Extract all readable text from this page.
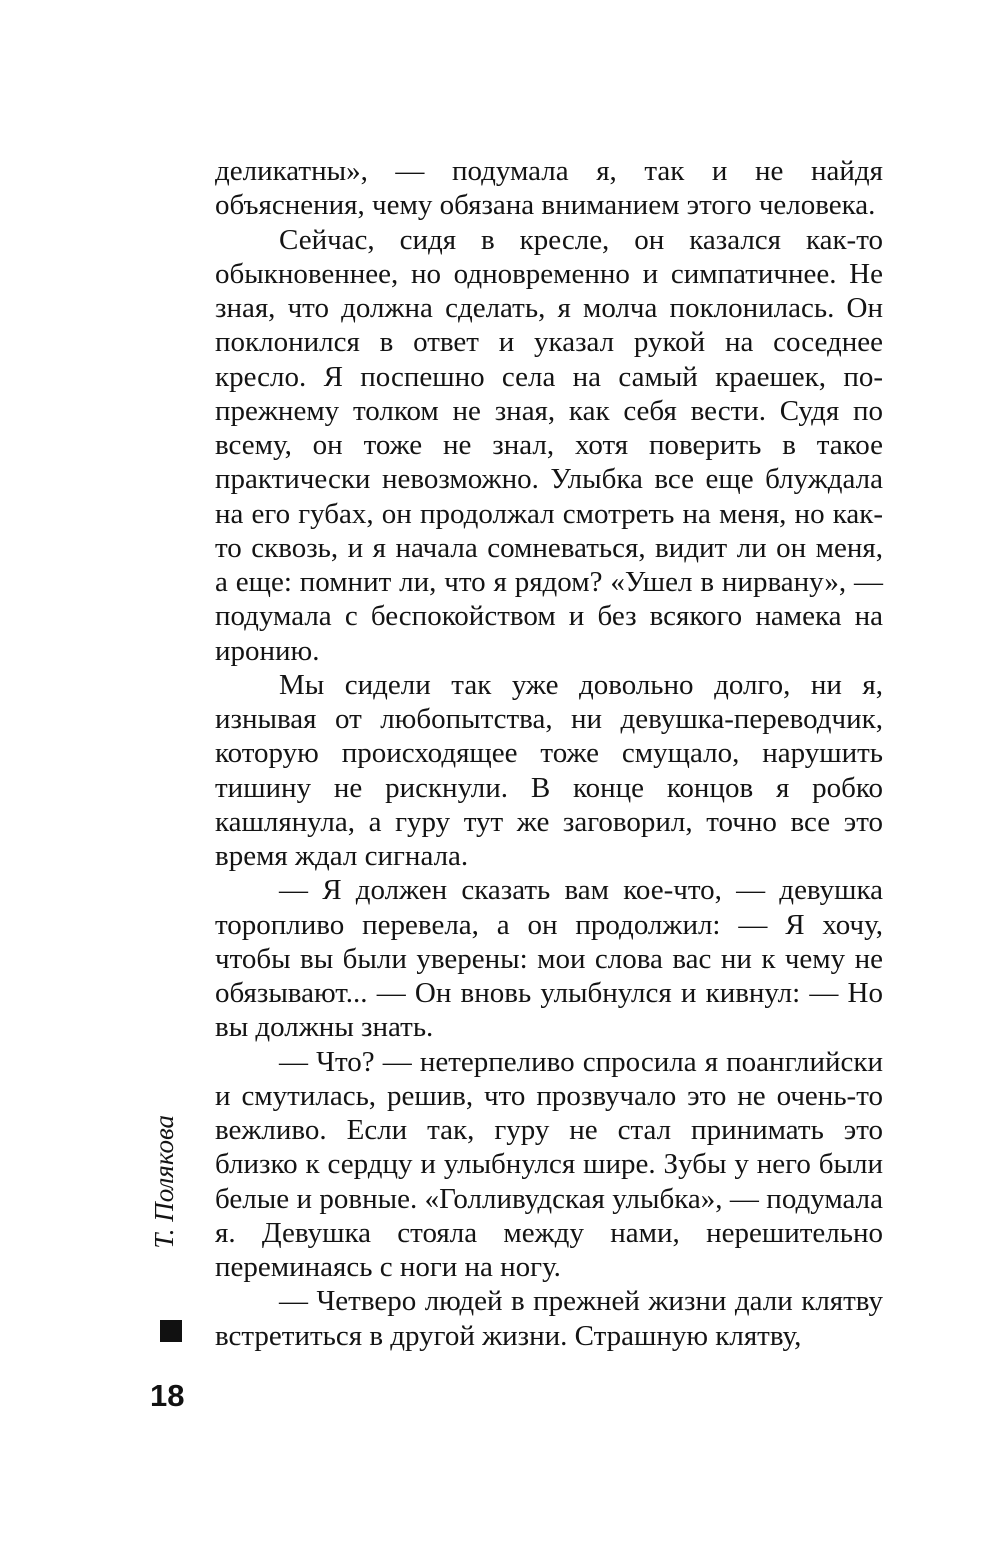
деликатны», — подумала я, так и не найдя объяснения, чему обязана вниманием этого человека.

Сейчас, сидя в кресле, он казался как-то обыкновеннее, но одновременно и симпатичнее. Не зная, что должна сделать, я молча поклонилась. Он поклонился в ответ и указал рукой на соседнее кресло. Я поспешно села на самый краешек, по-прежнему толком не зная, как себя вести. Судя по всему, он тоже не знал, хотя поверить в такое практически невозможно. Улыбка все еще блуждала на его губах, он продолжал смотреть на меня, но как-то сквозь, и я начала сомневаться, видит ли он меня, а еще: помнит ли, что я рядом? «Ушел в нирвану», — подумала с беспокойством и без всякого намека на иронию.

Мы сидели так уже довольно долго, ни я, изнывая от любопытства, ни девушка-переводчик, которую происходящее тоже смущало, нарушить тишину не рискнули. В конце концов я робко кашлянула, а гуру тут же заговорил, точно все это время ждал сигнала.

— Я должен сказать вам кое-что, — девушка торопливо перевела, а он продолжил: — Я хочу, чтобы вы были уверены: мои слова вас ни к чему не обязывают... — Он вновь улыбнулся и кивнул: — Но вы должны знать.

— Что? — нетерпеливо спросила я поанглийски и смутилась, решив, что прозвучало это не очень-то вежливо. Если так, гуру не стал принимать это близко к сердцу и улыбнулся шире. Зубы у него были белые и ровные. «Голливудская улыбка», — подумала я. Девушка стояла между нами, нерешительно переминаясь с ноги на ногу.

— Четверо людей в прежней жизни дали клятву встретиться в другой жизни. Страшную клятву,

Т. Полякова
18
